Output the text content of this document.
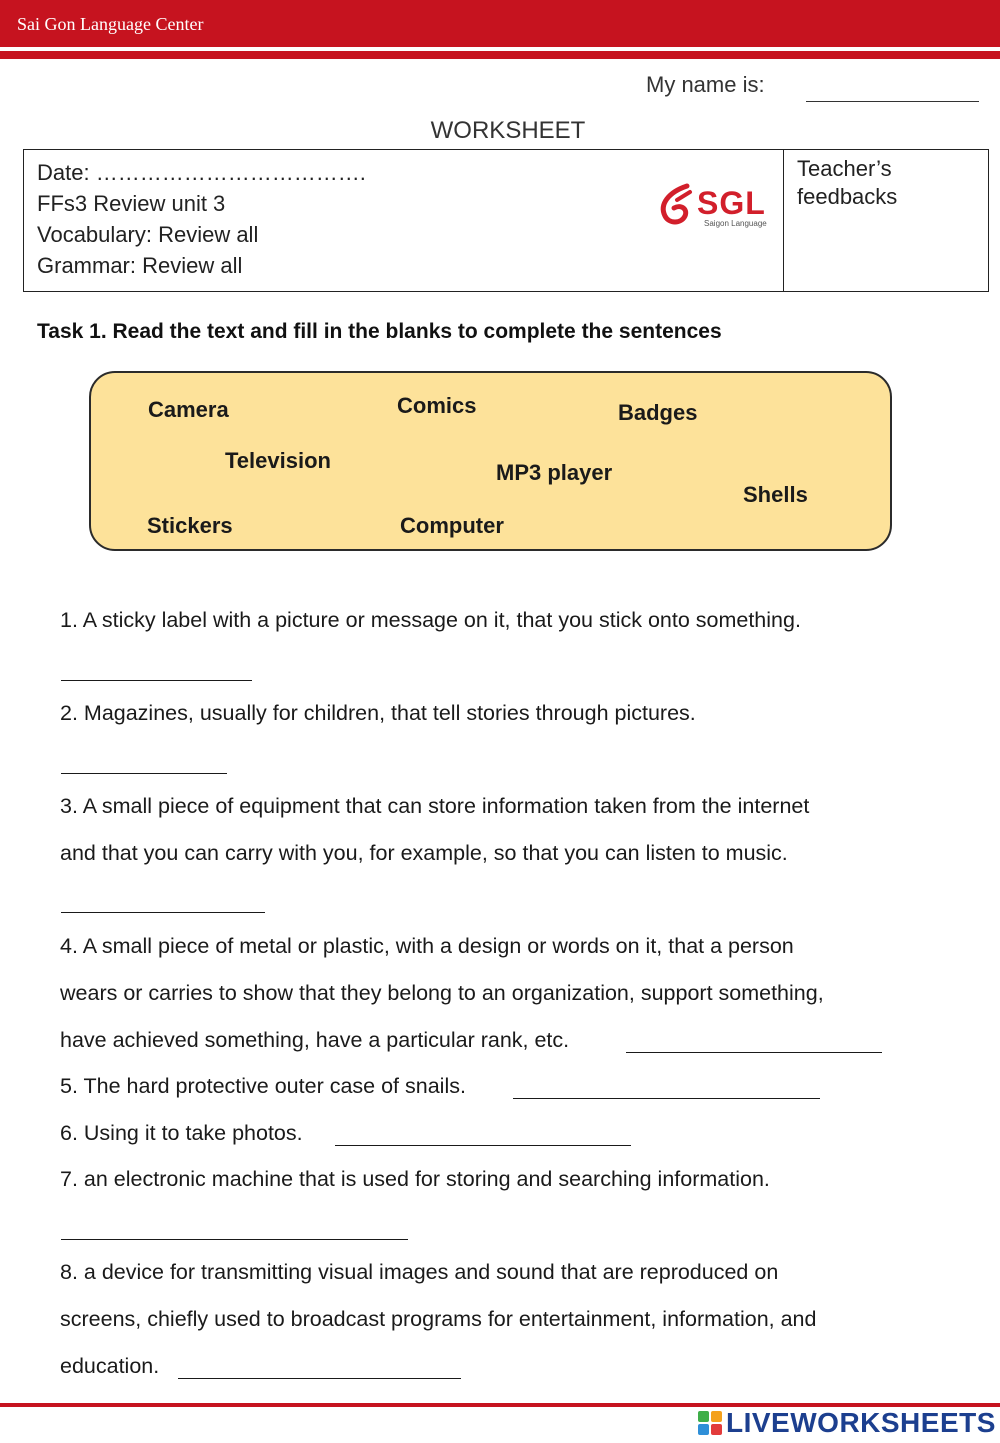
Sai Gon Language Center
My name is:
WORKSHEET
Date: ……………………………….
FFs3 Review unit 3
Vocabulary: Review all
Grammar: Review all
SGL
Saigon Language
Teacher’s
feedbacks
Task 1. Read the text and fill in the blanks to complete the sentences
Camera	Comics	Badges
Television	MP3 player
Shells
Stickers	Computer
1. A sticky label with a picture or message on it, that you stick onto something.
2. Magazines, usually for children, that tell stories through pictures.
3. A small piece of equipment that can store information taken from the internet
and that you can carry with you, for example, so that you can listen to music.
4. A small piece of metal or plastic, with a design or words on it, that a person
wears or carries to show that they belong to an organization, support something,
have achieved something, have a particular rank, etc.
5. The hard protective outer case of snails.
6. Using it to take photos.
7. an electronic machine that is used for storing and searching information.
8. a device for transmitting visual images and sound that are reproduced on
screens, chiefly used to broadcast programs for entertainment, information, and
education.
LIVEWORKSHEETS
